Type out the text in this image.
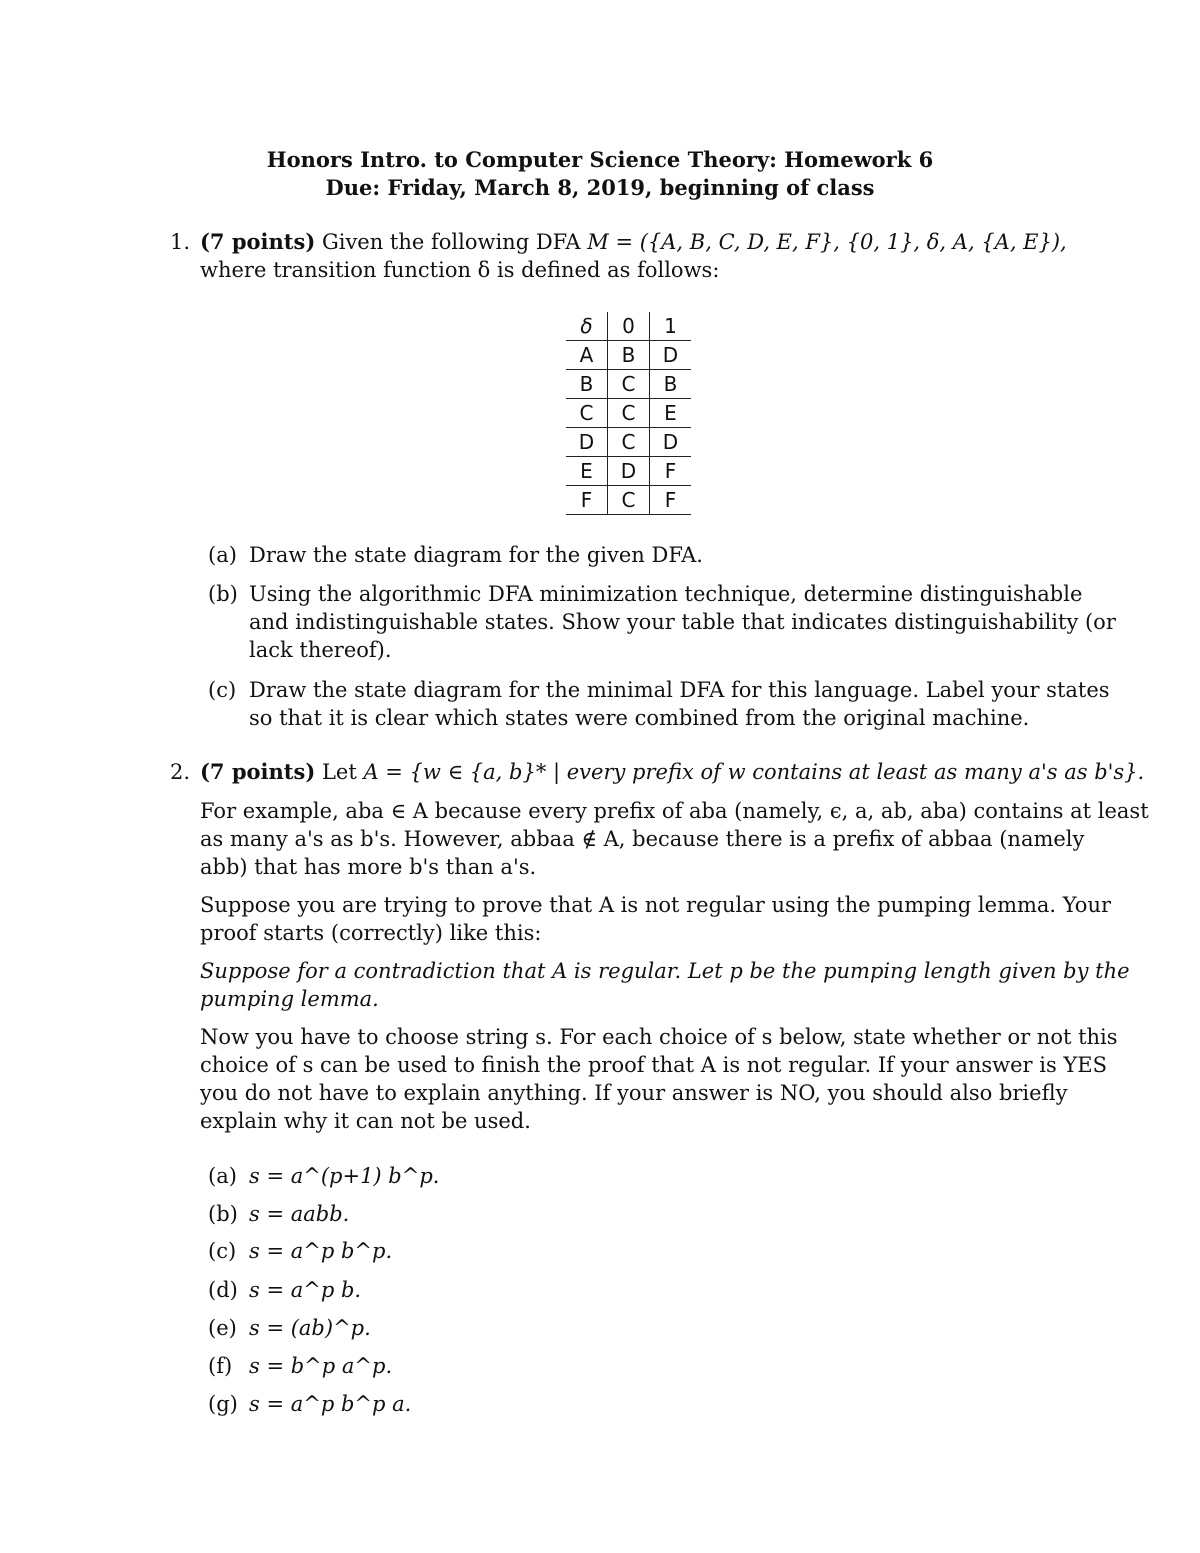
Honors Intro. to Computer Science Theory: Homework 6
Due: Friday, March 8, 2019, beginning of class
1. (7 points) Given the following DFA M = ({A, B, C, D, E, F}, {0, 1}, δ, A, {A, E}),
where transition function δ is defined as follows:
δ	0	1
A	B	D
B	C	B
C	C	E
D	C	D
E	D	F
F	C	F
(a) Draw the state diagram for the given DFA.
(b) Using the algorithmic DFA minimization technique, determine distinguishable
and indistinguishable states. Show your table that indicates distinguishability (or
lack thereof).
(c) Draw the state diagram for the minimal DFA for this language. Label your states
so that it is clear which states were combined from the original machine.
2. (7 points) Let A = {w ∈ {a, b}* | every prefix of w contains at least as many a's as b's}.
For example, aba ∈ A because every prefix of aba (namely, ϵ, a, ab, aba) contains at least
as many a's as b's. However, abbaa ∉ A, because there is a prefix of abbaa (namely
abb) that has more b's than a's.
Suppose you are trying to prove that A is not regular using the pumping lemma. Your
proof starts (correctly) like this:
Suppose for a contradiction that A is regular. Let p be the pumping length given by the
pumping lemma.
Now you have to choose string s. For each choice of s below, state whether or not this
choice of s can be used to finish the proof that A is not regular. If your answer is YES
you do not have to explain anything. If your answer is NO, you should also briefly
explain why it can not be used.
(a) s = a^(p+1) b^p.
(b) s = aabb.
(c) s = a^p b^p.
(d) s = a^p b.
(e) s = (ab)^p.
(f) s = b^p a^p.
(g) s = a^p b^p a.
